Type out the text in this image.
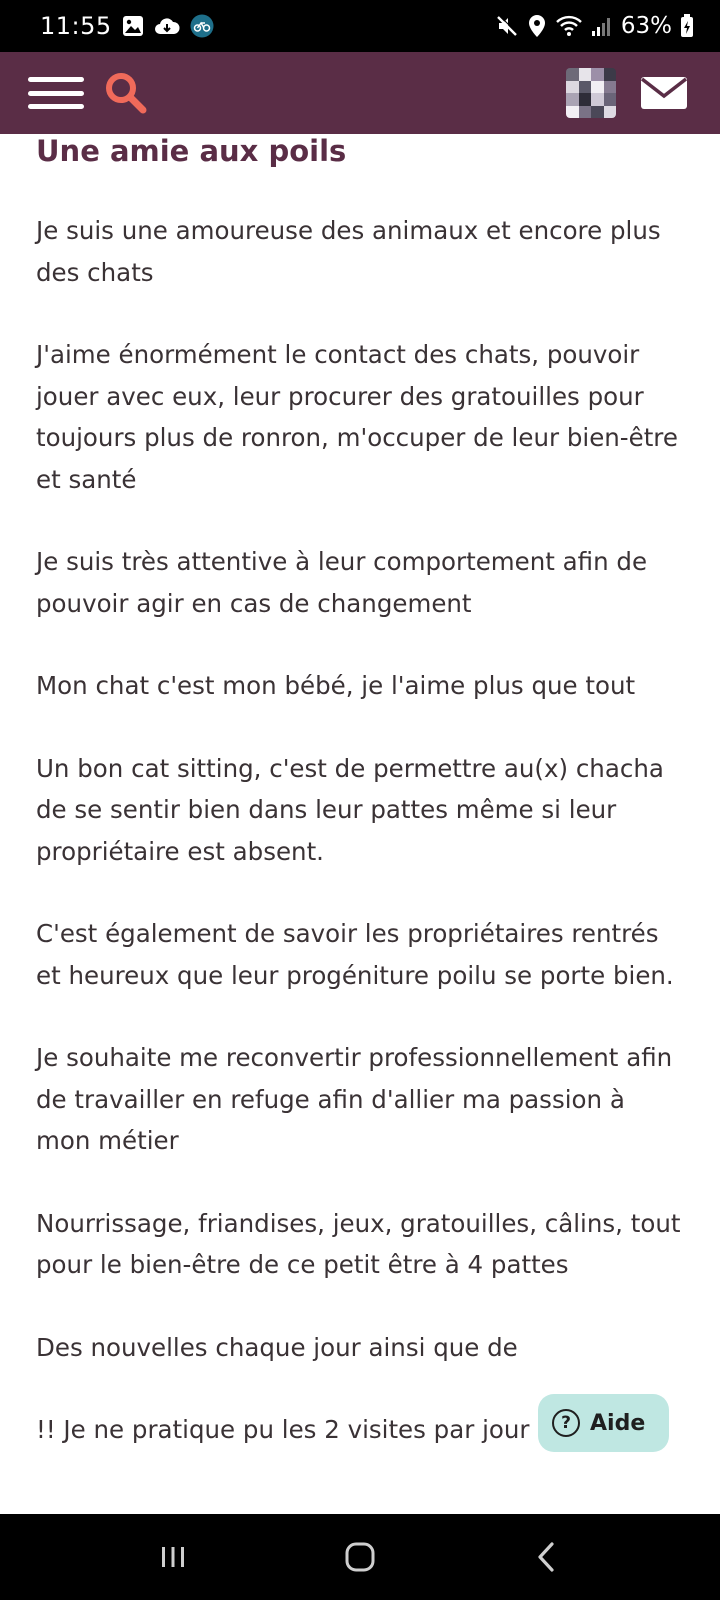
11:55	63%
Une amie aux poils

Je suis une amoureuse des animaux et encore plus des chats

J'aime énormément le contact des chats, pouvoir jouer avec eux, leur procurer des gratouilles pour toujours plus de ronron, m'occuper de leur bien-être et santé

Je suis très attentive à leur comportement afin de pouvoir agir en cas de changement

Mon chat c'est mon bébé, je l'aime plus que tout

Un bon cat sitting, c'est de permettre au(x) chacha de se sentir bien dans leur pattes même si leur propriétaire est absent.

C'est également de savoir les propriétaires rentrés et heureux que leur progéniture poilu se porte bien.

Je souhaite me reconvertir professionnellement afin de travailler en refuge afin d'allier ma passion à mon métier

Nourrissage, friandises, jeux, gratouilles, câlins, tout pour le bien-être de ce petit être à 4 pattes

Des nouvelles chaque jour ainsi que de

!! Je ne pratique pu les 2 visites par jour	? Aide
